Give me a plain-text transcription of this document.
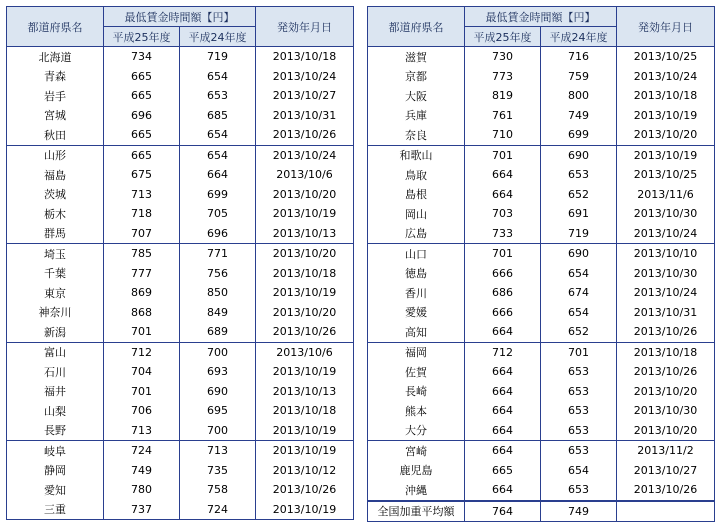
都道府県名	最低賃金時間額【円】		発効年月日
	平成25年度	平成24年度	
北海道	734	719	2013/10/18
青森	665	654	2013/10/24
岩手	665	653	2013/10/27
宮城	696	685	2013/10/31
秋田	665	654	2013/10/26
山形	665	654	2013/10/24
福島	675	664	2013/10/6
茨城	713	699	2013/10/20
栃木	718	705	2013/10/19
群馬	707	696	2013/10/13
埼玉	785	771	2013/10/20
千葉	777	756	2013/10/18
東京	869	850	2013/10/19
神奈川	868	849	2013/10/20
新潟	701	689	2013/10/26
富山	712	700	2013/10/6
石川	704	693	2013/10/19
福井	701	690	2013/10/13
山梨	706	695	2013/10/18
長野	713	700	2013/10/19
岐阜	724	713	2013/10/19
静岡	749	735	2013/10/12
愛知	780	758	2013/10/26
三重	737	724	2013/10/19
都道府県名	最低賃金時間額【円】		発効年月日
	平成25年度	平成24年度	
滋賀	730	716	2013/10/25
京都	773	759	2013/10/24
大阪	819	800	2013/10/18
兵庫	761	749	2013/10/19
奈良	710	699	2013/10/20
和歌山	701	690	2013/10/19
鳥取	664	653	2013/10/25
島根	664	652	2013/11/6
岡山	703	691	2013/10/30
広島	733	719	2013/10/24
山口	701	690	2013/10/10
徳島	666	654	2013/10/30
香川	686	674	2013/10/24
愛媛	666	654	2013/10/31
高知	664	652	2013/10/26
福岡	712	701	2013/10/18
佐賀	664	653	2013/10/26
長崎	664	653	2013/10/20
熊本	664	653	2013/10/30
大分	664	653	2013/10/20
宮崎	664	653	2013/11/2
鹿児島	665	654	2013/10/27
沖縄	664	653	2013/10/26
全国加重平均額	764	749	
